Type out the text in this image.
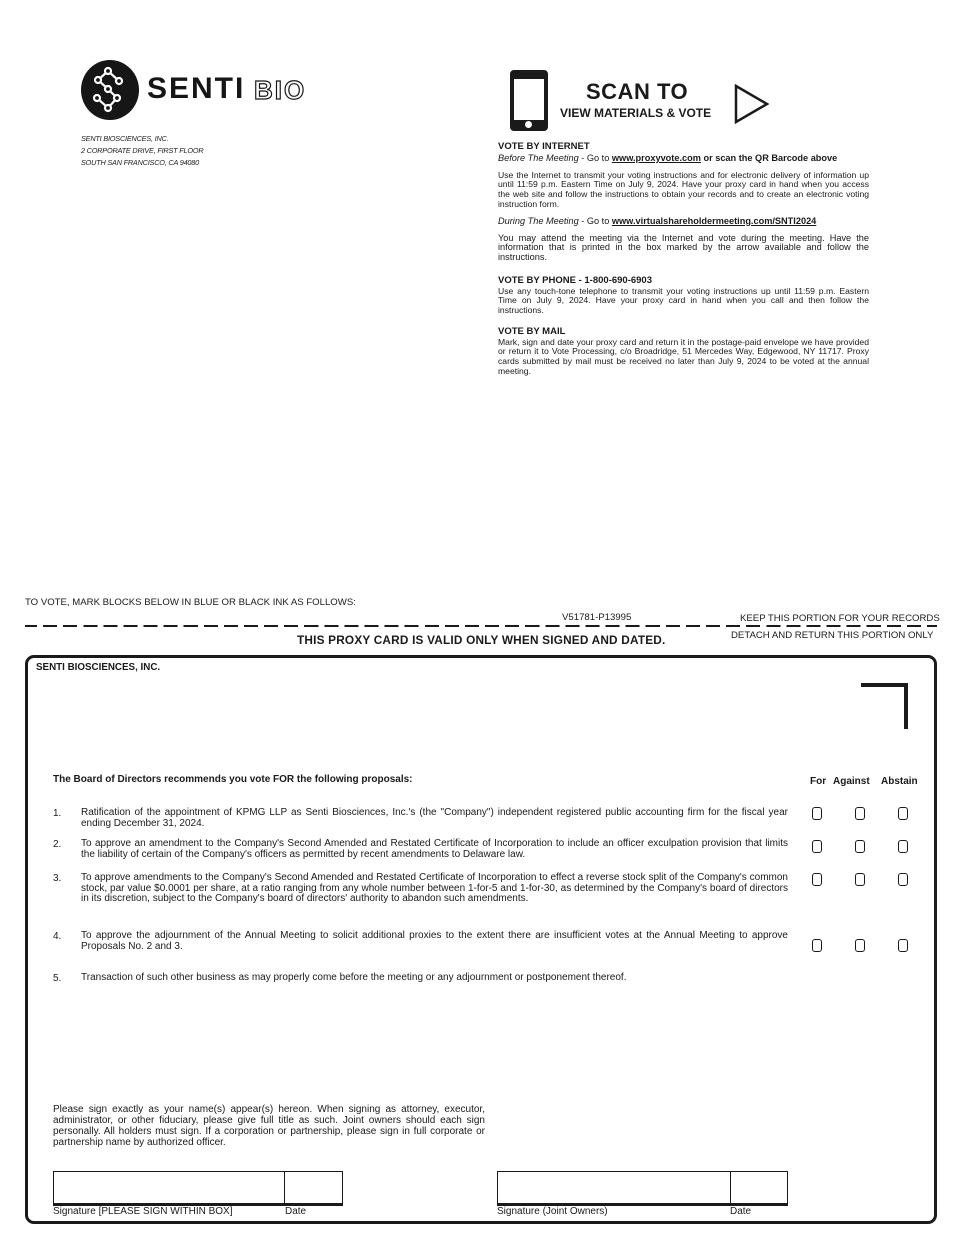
SENTI BIO
SENTI BIOSCIENCES, INC.
2 CORPORATE DRIVE, FIRST FLOOR
SOUTH SAN FRANCISCO, CA 94080
SCAN TO
VIEW MATERIALS & VOTE
VOTE BY INTERNET
Before The Meeting - Go to www.proxyvote.com or scan the QR Barcode above
Use the Internet to transmit your voting instructions and for electronic delivery of information up until 11:59 p.m. Eastern Time on July 9, 2024. Have your proxy card in hand when you access the web site and follow the instructions to obtain your records and to create an electronic voting instruction form.
During The Meeting - Go to www.virtualshareholdermeeting.com/SNTI2024
You may attend the meeting via the Internet and vote during the meeting. Have the information that is printed in the box marked by the arrow available and follow the instructions.
VOTE BY PHONE - 1-800-690-6903
Use any touch-tone telephone to transmit your voting instructions up until 11:59 p.m. Eastern Time on July 9, 2024. Have your proxy card in hand when you call and then follow the instructions.
VOTE BY MAIL
Mark, sign and date your proxy card and return it in the postage-paid envelope we have provided or return it to Vote Processing, c/o Broadridge, 51 Mercedes Way, Edgewood, NY 11717. Proxy cards submitted by mail must be received no later than July 9, 2024 to be voted at the annual meeting.
TO VOTE, MARK BLOCKS BELOW IN BLUE OR BLACK INK AS FOLLOWS:
V51781-P13995	KEEP THIS PORTION FOR YOUR RECORDS
DETACH AND RETURN THIS PORTION ONLY
THIS PROXY CARD IS VALID ONLY WHEN SIGNED AND DATED.
SENTI BIOSCIENCES, INC.
The Board of Directors recommends you vote FOR the following proposals:	For Against Abstain
1. Ratification of the appointment of KPMG LLP as Senti Biosciences, Inc.'s (the "Company") independent registered public accounting firm for the fiscal year ending December 31, 2024.
2. To approve an amendment to the Company's Second Amended and Restated Certificate of Incorporation to include an officer exculpation provision that limits the liability of certain of the Company's officers as permitted by recent amendments to Delaware law.
3. To approve amendments to the Company's Second Amended and Restated Certificate of Incorporation to effect a reverse stock split of the Company's common stock, par value $0.0001 per share, at a ratio ranging from any whole number between 1-for-5 and 1-for-30, as determined by the Company's board of directors in its discretion, subject to the Company's board of directors' authority to abandon such amendments.
4. To approve the adjournment of the Annual Meeting to solicit additional proxies to the extent there are insufficient votes at the Annual Meeting to approve Proposals No. 2 and 3.
5. Transaction of such other business as may properly come before the meeting or any adjournment or postponement thereof.
Please sign exactly as your name(s) appear(s) hereon. When signing as attorney, executor, administrator, or other fiduciary, please give full title as such. Joint owners should each sign personally. All holders must sign. If a corporation or partnership, please sign in full corporate or partnership name by authorized officer.
Signature [PLEASE SIGN WITHIN BOX]	Date	Signature (Joint Owners)	Date
